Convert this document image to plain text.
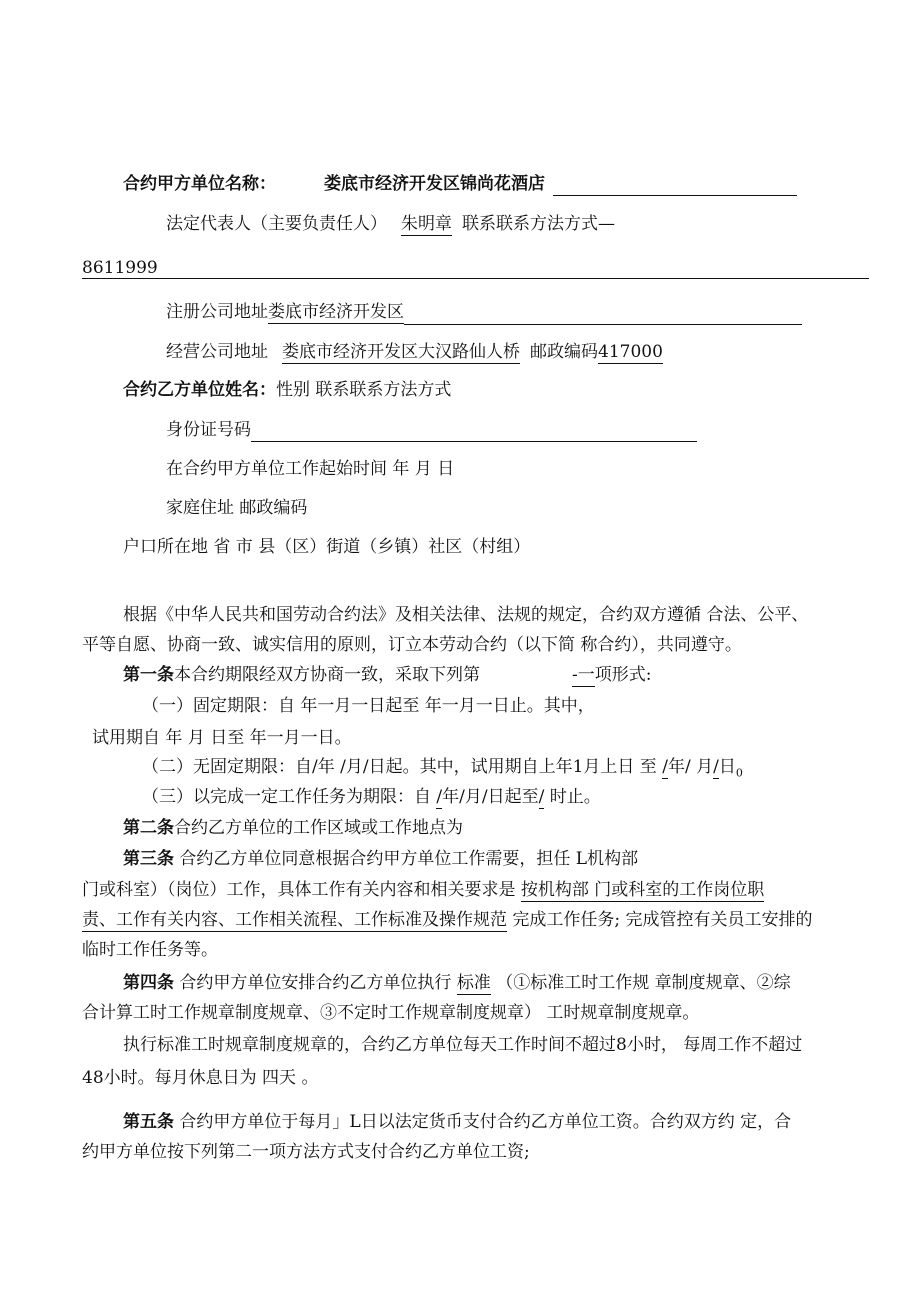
合约甲方单位名称：	娄底市经济开发区锦尚花酒店
法定代表人（主要负责任人） 朱明章 联系联系方法方式—
8611999
注册公司地址娄底市经济开发区
经营公司地址 娄底市经济开发区大汉路仙人桥 邮政编码417000
合约乙方单位姓名：性别 联系联系方法方式
身份证号码
在合约甲方单位工作起始时间 年 月 日
家庭住址 邮政编码
户口所在地 省 市 县（区）街道（乡镇）社区（村组）
根据《中华人民共和国劳动合约法》及相关法律、法规的规定，合约双方遵循 合法、公平、
平等自愿、协商一致、诚实信用的原则，订立本劳动合约（以下简 称合约），共同遵守。
第一条本合约期限经双方协商一致，采取下列第	-一项形式:
（一）固定期限：自 年一月一日起至 年一月一日止。其中，
试用期自 年 月 日至 年一月一日。
（二）无固定期限：自/年 /月/日起。其中，试用期自上年1月上日 至 /年/ 月/日$_0$
（三）以完成一定工作任务为期限：自 /年/月/日起至/ 时止。
第二条合约乙方单位的工作区域或工作地点为
第三条 合约乙方单位同意根据合约甲方单位工作需要，担任 L机构部
门或科室）（岗位）工作，具体工作有关内容和相关要求是 按机构部 门或科室的工作岗位职
责、工作有关内容、工作相关流程、工作标准及操作规范 完成工作任务; 完成管控有关员工安排的
临时工作任务等。
第四条 合约甲方单位安排合约乙方单位执行 标准 （①标准工时工作规 章制度规章、②综
合计算工时工作规章制度规章、③不定时工作规章制度规章） 工时规章制度规章。
执行标准工时规章制度规章的，合约乙方单位每天工作时间不超过8小时， 每周工作不超过
48小时。每月休息日为 四天 。
第五条 合约甲方单位于每月」L日以法定货币支付合约乙方单位工资。合约双方约 定，合
约甲方单位按下列第二一项方法方式支付合约乙方单位工资;
